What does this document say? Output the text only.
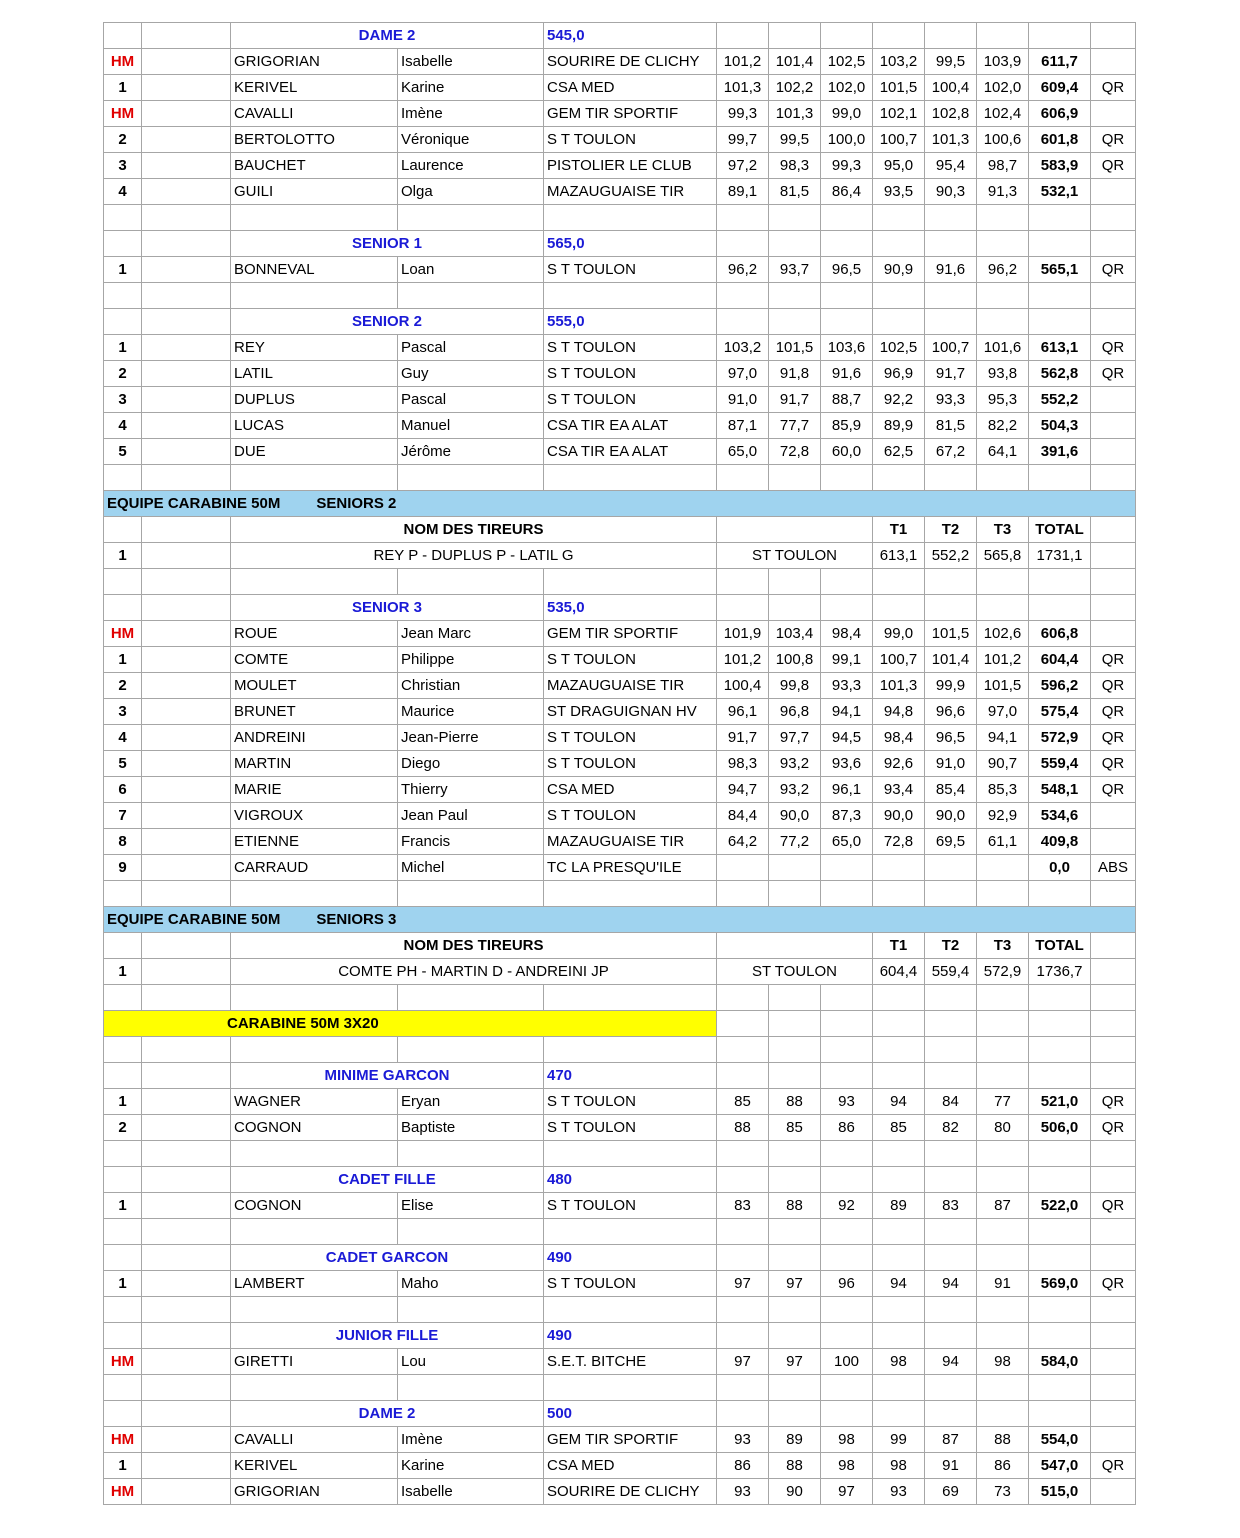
		DAME 2		545,0								
HM		GRIGORIAN	Isabelle	SOURIRE DE CLICHY	101,2	101,4	102,5	103,2	99,5	103,9	611,7	
1		KERIVEL	Karine	CSA MED	101,3	102,2	102,0	101,5	100,4	102,0	609,4	QR
HM		CAVALLI	Imène	GEM TIR SPORTIF	99,3	101,3	99,0	102,1	102,8	102,4	606,9	
2		BERTOLOTTO	Véronique	S T TOULON	99,7	99,5	100,0	100,7	101,3	100,6	601,8	QR
3		BAUCHET	Laurence	PISTOLIER LE CLUB	97,2	98,3	99,3	95,0	95,4	98,7	583,9	QR
4		GUILI	Olga	MAZAUGUAISE TIR	89,1	81,5	86,4	93,5	90,3	91,3	532,1	

		SENIOR 1		565,0								
1		BONNEVAL	Loan	S T TOULON	96,2	93,7	96,5	90,9	91,6	96,2	565,1	QR

		SENIOR 2		555,0								
1		REY	Pascal	S T TOULON	103,2	101,5	103,6	102,5	100,7	101,6	613,1	QR
2		LATIL	Guy	S T TOULON	97,0	91,8	91,6	96,9	91,7	93,8	562,8	QR
3		DUPLUS	Pascal	S T TOULON	91,0	91,7	88,7	92,2	93,3	95,3	552,2	
4		LUCAS	Manuel	CSA TIR EA ALAT	87,1	77,7	85,9	89,9	81,5	82,2	504,3	
5		DUE	Jérôme	CSA TIR EA ALAT	65,0	72,8	60,0	62,5	67,2	64,1	391,6	

EQUIPE CARABINE 50M SENIORS 2												
		NOM DES TIREURS						T1	T2	T3	TOTAL	
1		REY P - DUPLUS P - LATIL G			ST TOULON			613,1	552,2	565,8	1731,1	

		SENIOR 3		535,0								
HM		ROUE	Jean Marc	GEM TIR SPORTIF	101,9	103,4	98,4	99,0	101,5	102,6	606,8	
1		COMTE	Philippe	S T TOULON	101,2	100,8	99,1	100,7	101,4	101,2	604,4	QR
2		MOULET	Christian	MAZAUGUAISE TIR	100,4	99,8	93,3	101,3	99,9	101,5	596,2	QR
3		BRUNET	Maurice	ST DRAGUIGNAN HV	96,1	96,8	94,1	94,8	96,6	97,0	575,4	QR
4		ANDREINI	Jean-Pierre	S T TOULON	91,7	97,7	94,5	98,4	96,5	94,1	572,9	QR
5		MARTIN	Diego	S T TOULON	98,3	93,2	93,6	92,6	91,0	90,7	559,4	QR
6		MARIE	Thierry	CSA MED	94,7	93,2	96,1	93,4	85,4	85,3	548,1	QR
7		VIGROUX	Jean Paul	S T TOULON	84,4	90,0	87,3	90,0	90,0	92,9	534,6	
8		ETIENNE	Francis	MAZAUGUAISE TIR	64,2	77,2	65,0	72,8	69,5	61,1	409,8	
9		CARRAUD	Michel	TC LA PRESQU'ILE							0,0	ABS

EQUIPE CARABINE 50M SENIORS 3												
		NOM DES TIREURS						T1	T2	T3	TOTAL	
1		COMTE PH - MARTIN D - ANDREINI JP			ST TOULON			604,4	559,4	572,9	1736,7	

CARABINE 50M 3X20												

		MINIME GARCON		470								
1		WAGNER	Eryan	S T TOULON	85	88	93	94	84	77	521,0	QR
2		COGNON	Baptiste	S T TOULON	88	85	86	85	82	80	506,0	QR

		CADET FILLE		480								
1		COGNON	Elise	S T TOULON	83	88	92	89	83	87	522,0	QR

		CADET GARCON		490								
1		LAMBERT	Maho	S T TOULON	97	97	96	94	94	91	569,0	QR

		JUNIOR FILLE		490								
HM		GIRETTI	Lou	S.E.T. BITCHE	97	97	100	98	94	98	584,0	

		DAME 2		500								
HM		CAVALLI	Imène	GEM TIR SPORTIF	93	89	98	99	87	88	554,0	
1		KERIVEL	Karine	CSA MED	86	88	98	98	91	86	547,0	QR
HM		GRIGORIAN	Isabelle	SOURIRE DE CLICHY	93	90	97	93	69	73	515,0	
